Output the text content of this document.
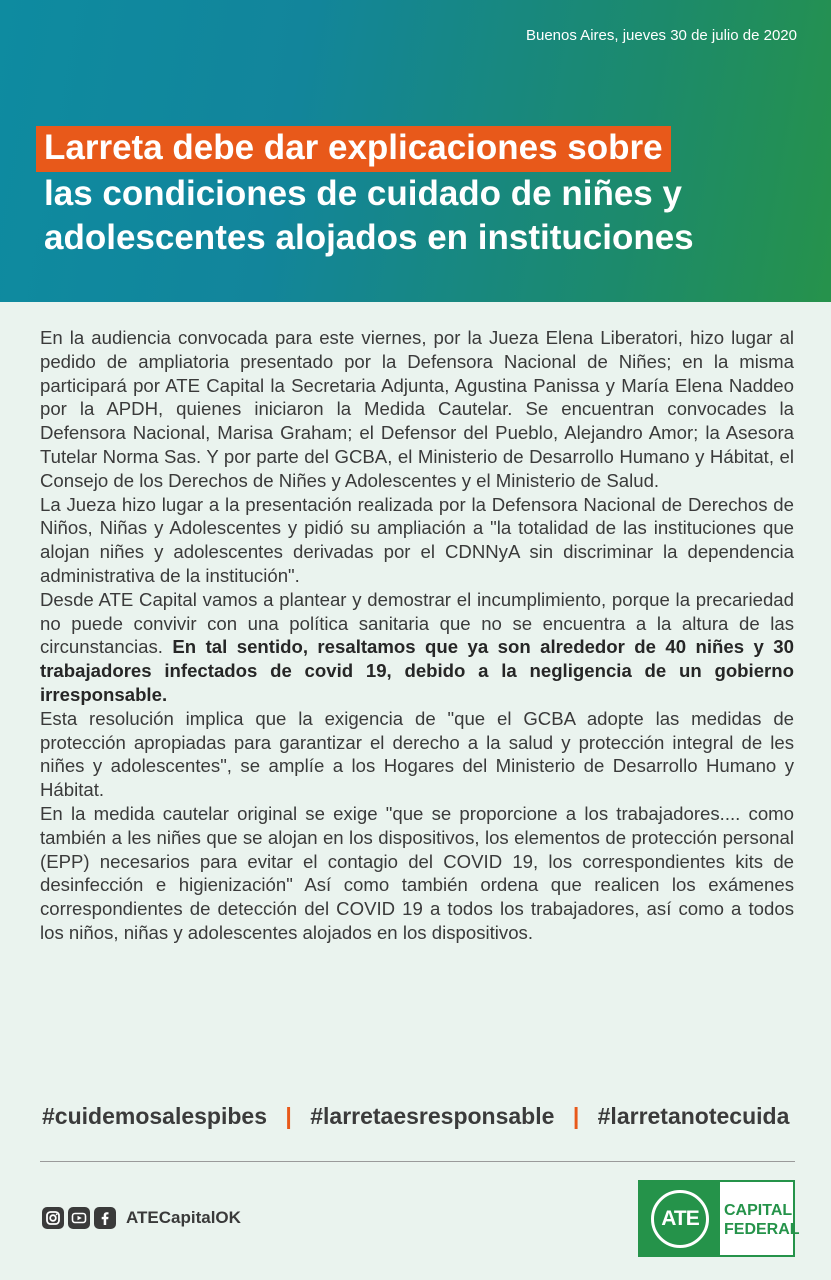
Buenos Aires, jueves 30 de julio de 2020
Larreta debe dar explicaciones sobre
las condiciones de cuidado de niñes y
adolescentes alojados en instituciones

En la audiencia convocada para este viernes, por la Jueza Elena Liberatori, hizo lugar al pedido de ampliatoria presentado por la Defensora Nacional de Niñes; en la misma participará por ATE Capital la Secretaria Adjunta, Agustina Panissa y María Elena Naddeo por la APDH, quienes iniciaron la Medida Cautelar. Se encuentran convocades la Defensora Nacional, Marisa Graham; el Defensor del Pueblo, Alejandro Amor; la Asesora Tutelar Norma Sas. Y por parte del GCBA, el Ministerio de Desarrollo Humano y Hábitat, el Consejo de los Derechos de Niñes y Adolescentes y el Ministerio de Salud.

La Jueza hizo lugar a la presentación realizada por la Defensora Nacional de Derechos de Niños, Niñas y Adolescentes y pidió su ampliación a "la totalidad de las instituciones que alojan niñes y adolescentes derivadas por el CDNNyA sin discriminar la dependencia administrativa de la institución".

Desde ATE Capital vamos a plantear y demostrar el incumplimiento, porque la precariedad no puede convivir con una política sanitaria que no se encuentra a la altura de las circunstancias. En tal sentido, resaltamos que ya son alrededor de 40 niñes y 30 trabajadores infectados de covid 19, debido a la negligencia de un gobierno irresponsable.

Esta resolución implica que la exigencia de "que el GCBA adopte las medidas de protección apropiadas para garantizar el derecho a la salud y protección integral de les niñes y adolescentes", se amplíe a los Hogares del Ministerio de Desarrollo Humano y Hábitat.

En la medida cautelar original se exige "que se proporcione a los trabajadores.... como también a les niñes que se alojan en los dispositivos, los elementos de protección personal (EPP) necesarios para evitar el contagio del COVID 19, los correspondientes kits de desinfección e higienización" Así como también ordena que realicen los exámenes correspondientes de detección del COVID 19 a todos los trabajadores, así como a todos los niños, niñas y adolescentes alojados en los dispositivos.

#cuidemosalespibes | #larretaesresponsable | #larretanotecuida
ATECapitalOK	ATE	CAPITAL
FEDERAL
